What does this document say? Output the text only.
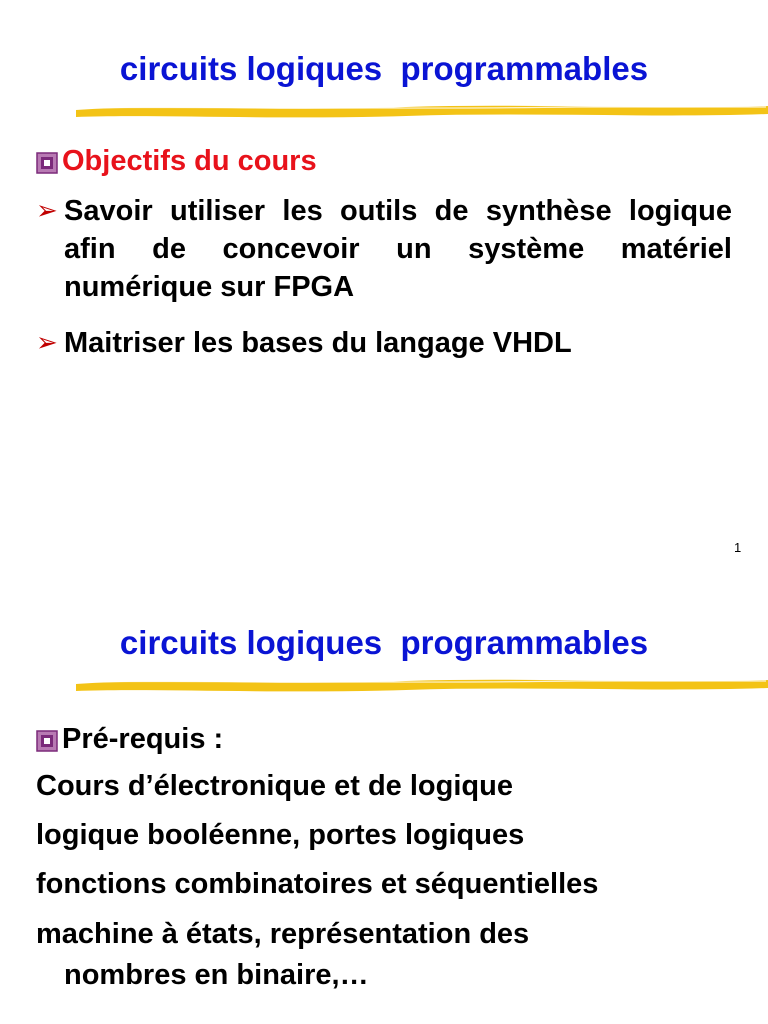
circuits logiques  programmables
Objectifs du cours
➢ Savoir utiliser les outils de synthèse logique afin de concevoir un système matériel numérique sur FPGA
➢ Maitriser les bases du langage VHDL
1
circuits logiques  programmables
Pré-requis :
Cours d’électronique et de logique
logique booléenne, portes logiques
fonctions combinatoires et séquentielles
machine à états, représentation des
nombres en binaire,…
